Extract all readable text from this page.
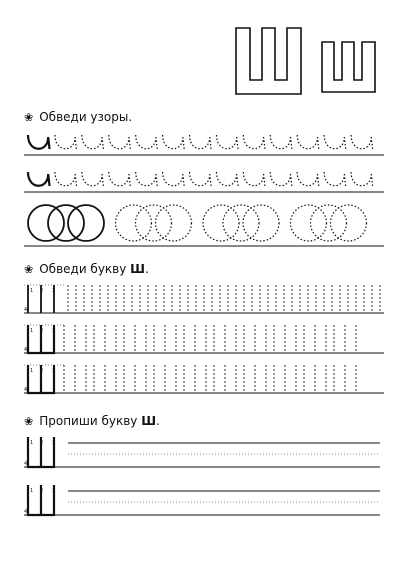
1 2 3
4
1 2 3
4
1 2 3
4
1 2 3
4
1 2 3
4
❀ Обведи узоры.
❀ Обведи букву Ш.
❀ Пропиши букву Ш.
